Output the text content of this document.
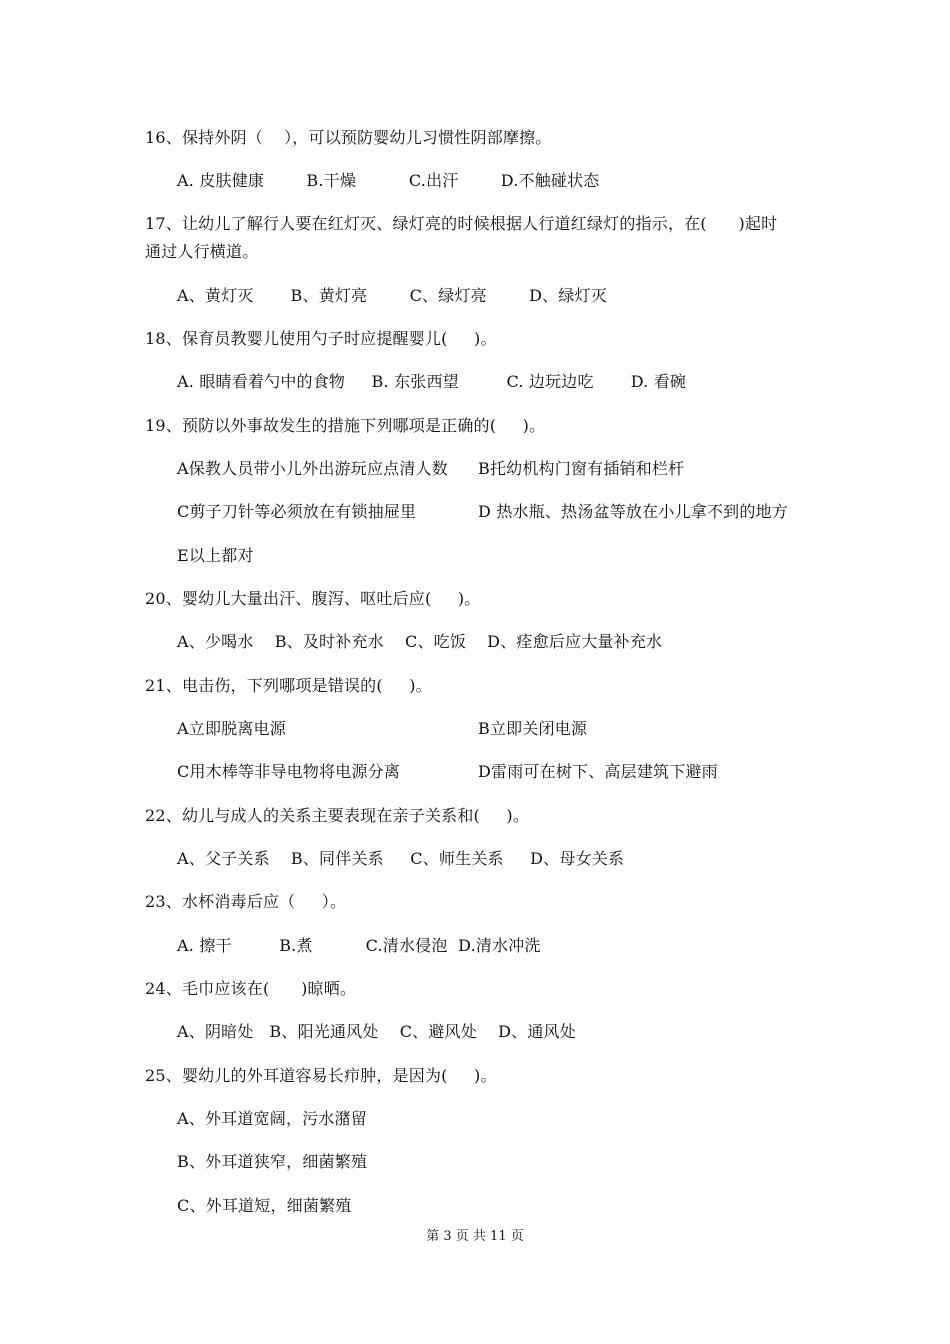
16、保持外阴（    ），可以预防婴幼儿习惯性阴部摩擦。
A. 皮肤健康        B.干燥          C.出汗        D.不触碰状态
17、让幼儿了解行人要在红灯灭、绿灯亮的时候根据人行道红绿灯的指示，在(      )起时
通过人行横道。
A、黄灯灭       B、黄灯亮        C、绿灯亮        D、绿灯灭
18、保育员教婴儿使用勺子时应提醒婴儿(     )。
A. 眼睛看着勺中的食物     B. 东张西望         C. 边玩边吃       D. 看碗
19、预防以外事故发生的措施下列哪项是正确的(     )。
A保教人员带小儿外出游玩应点清人数 B托幼机构门窗有插销和栏杆
C剪子刀针等必须放在有锁抽屉里	D 热水瓶、热汤盆等放在小儿拿不到的地方
E以上都对
20、婴幼儿大量出汗、腹泻、呕吐后应(     )。
A、少喝水    B、及时补充水    C、吃饭    D、痊愈后应大量补充水
21、电击伤，下列哪项是错误的(     )。
A立即脱离电源	B立即关闭电源
C用木棒等非导电物将电源分离	D雷雨可在树下、高层建筑下避雨
22、幼儿与成人的关系主要表现在亲子关系和(     )。
A、父子关系    B、同伴关系     C、师生关系     D、母女关系
23、水杯消毒后应（     ）。
A. 擦干         B.煮          C.清水侵泡  D.清水冲洗
24、毛巾应该在(      )晾晒。
A、阴暗处   B、阳光通风处    C、避风处    D、通风处
25、婴幼儿的外耳道容易长疖肿，是因为(     )。
A、外耳道宽阔，污水潴留
B、外耳道狭窄，细菌繁殖
C、外耳道短，细菌繁殖
第 3 页 共 11 页
